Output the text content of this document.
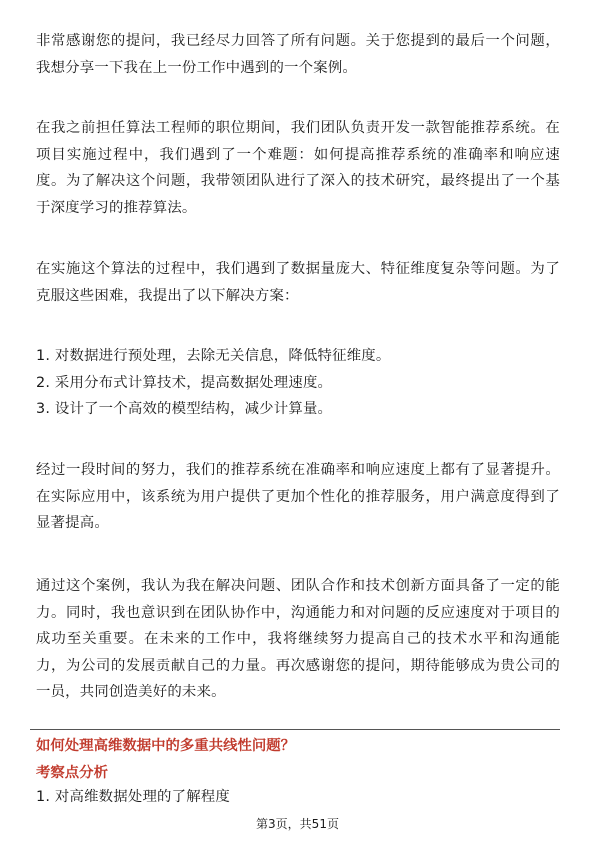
非常感谢您的提问，我已经尽力回答了所有问题。关于您提到的最后一个问题，我想分享一下我在上一份工作中遇到的一个案例。

在我之前担任算法工程师的职位期间，我们团队负责开发一款智能推荐系统。在项目实施过程中，我们遇到了一个难题：如何提高推荐系统的准确率和响应速度。为了解决这个问题，我带领团队进行了深入的技术研究，最终提出了一个基于深度学习的推荐算法。

在实施这个算法的过程中，我们遇到了数据量庞大、特征维度复杂等问题。为了克服这些困难，我提出了以下解决方案：

1. 对数据进行预处理，去除无关信息，降低特征维度。

2. 采用分布式计算技术，提高数据处理速度。

3. 设计了一个高效的模型结构，减少计算量。

经过一段时间的努力，我们的推荐系统在准确率和响应速度上都有了显著提升。在实际应用中，该系统为用户提供了更加个性化的推荐服务，用户满意度得到了显著提高。

通过这个案例，我认为我在解决问题、团队合作和技术创新方面具备了一定的能力。同时，我也意识到在团队协作中，沟通能力和对问题的反应速度对于项目的成功至关重要。在未来的工作中，我将继续努力提高自己的技术水平和沟通能力，为公司的发展贡献自己的力量。再次感谢您的提问，期待能够成为贵公司的一员，共同创造美好的未来。

如何处理高维数据中的多重共线性问题？

考察点分析

1. 对高维数据处理的了解程度

第3页，共51页
